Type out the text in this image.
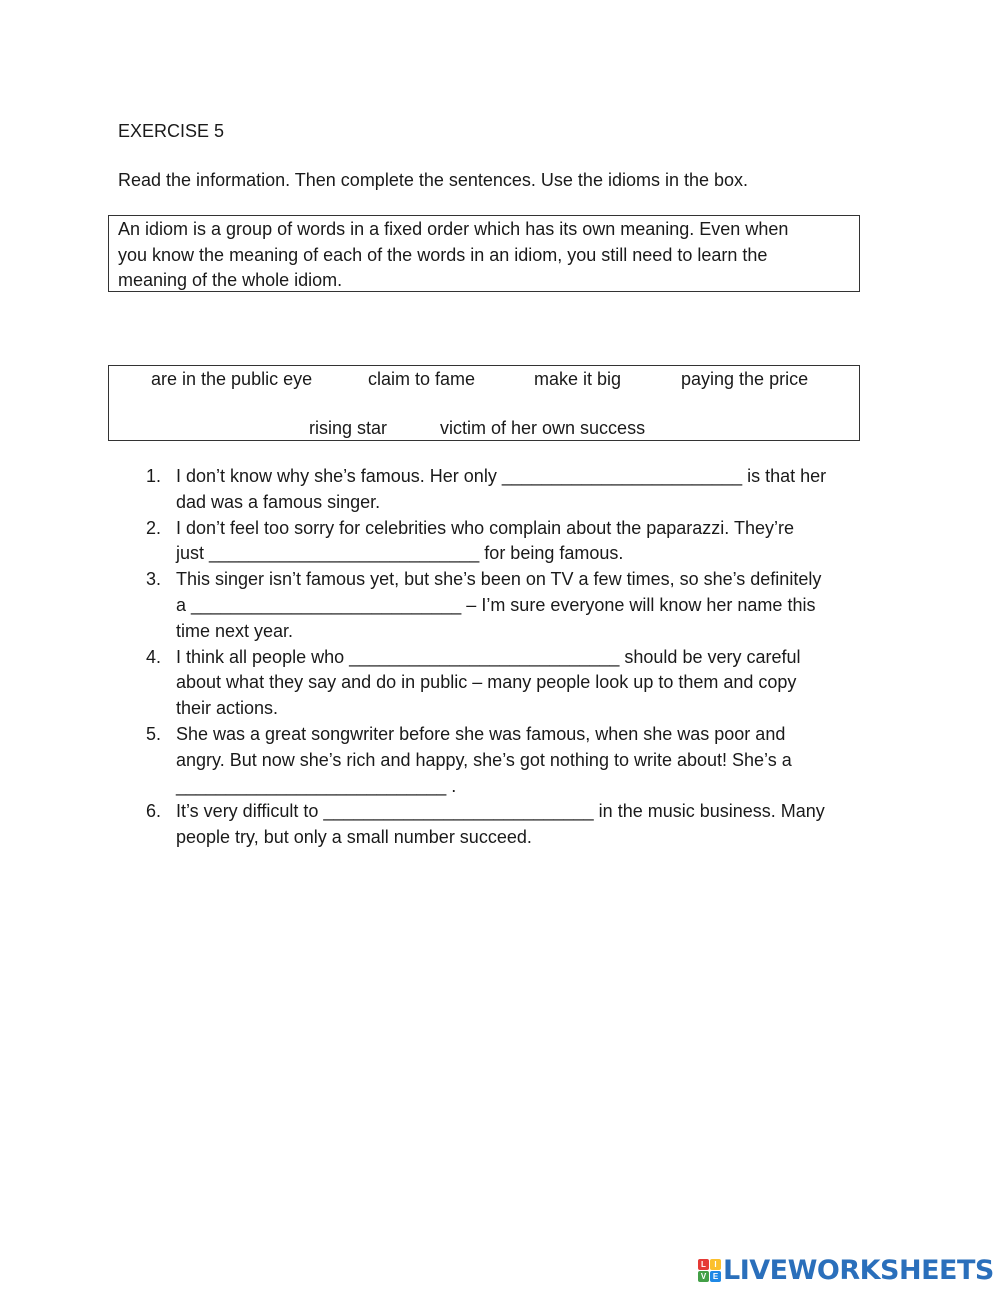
EXERCISE 5
Read the information. Then complete the sentences. Use the idioms in the box.

An idiom is a group of words in a fixed order which has its own meaning. Even when

you know the meaning of each of the words in an idiom, you still need to learn the

meaning of the whole idiom.

are in the public eye	claim to fame	make it big	paying the price
rising star	victim of her own success
1. I don’t know why she’s famous. Her only ________________________ is that her
dad was a famous singer.
2. I don’t feel too sorry for celebrities who complain about the paparazzi. They’re
just ___________________________ for being famous.
3. This singer isn’t famous yet, but she’s been on TV a few times, so she’s definitely
a ___________________________ – I’m sure everyone will know her name this
time next year.
4. I think all people who ___________________________ should be very careful
about what they say and do in public – many people look up to them and copy
their actions.
5. She was a great songwriter before she was famous, when she was poor and
angry. But now she’s rich and happy, she’s got nothing to write about! She’s a
___________________________ .
6. It’s very difficult to ___________________________ in the music business. Many
people try, but only a small number succeed.
L	I
V E LIVEWORKSHEETS
